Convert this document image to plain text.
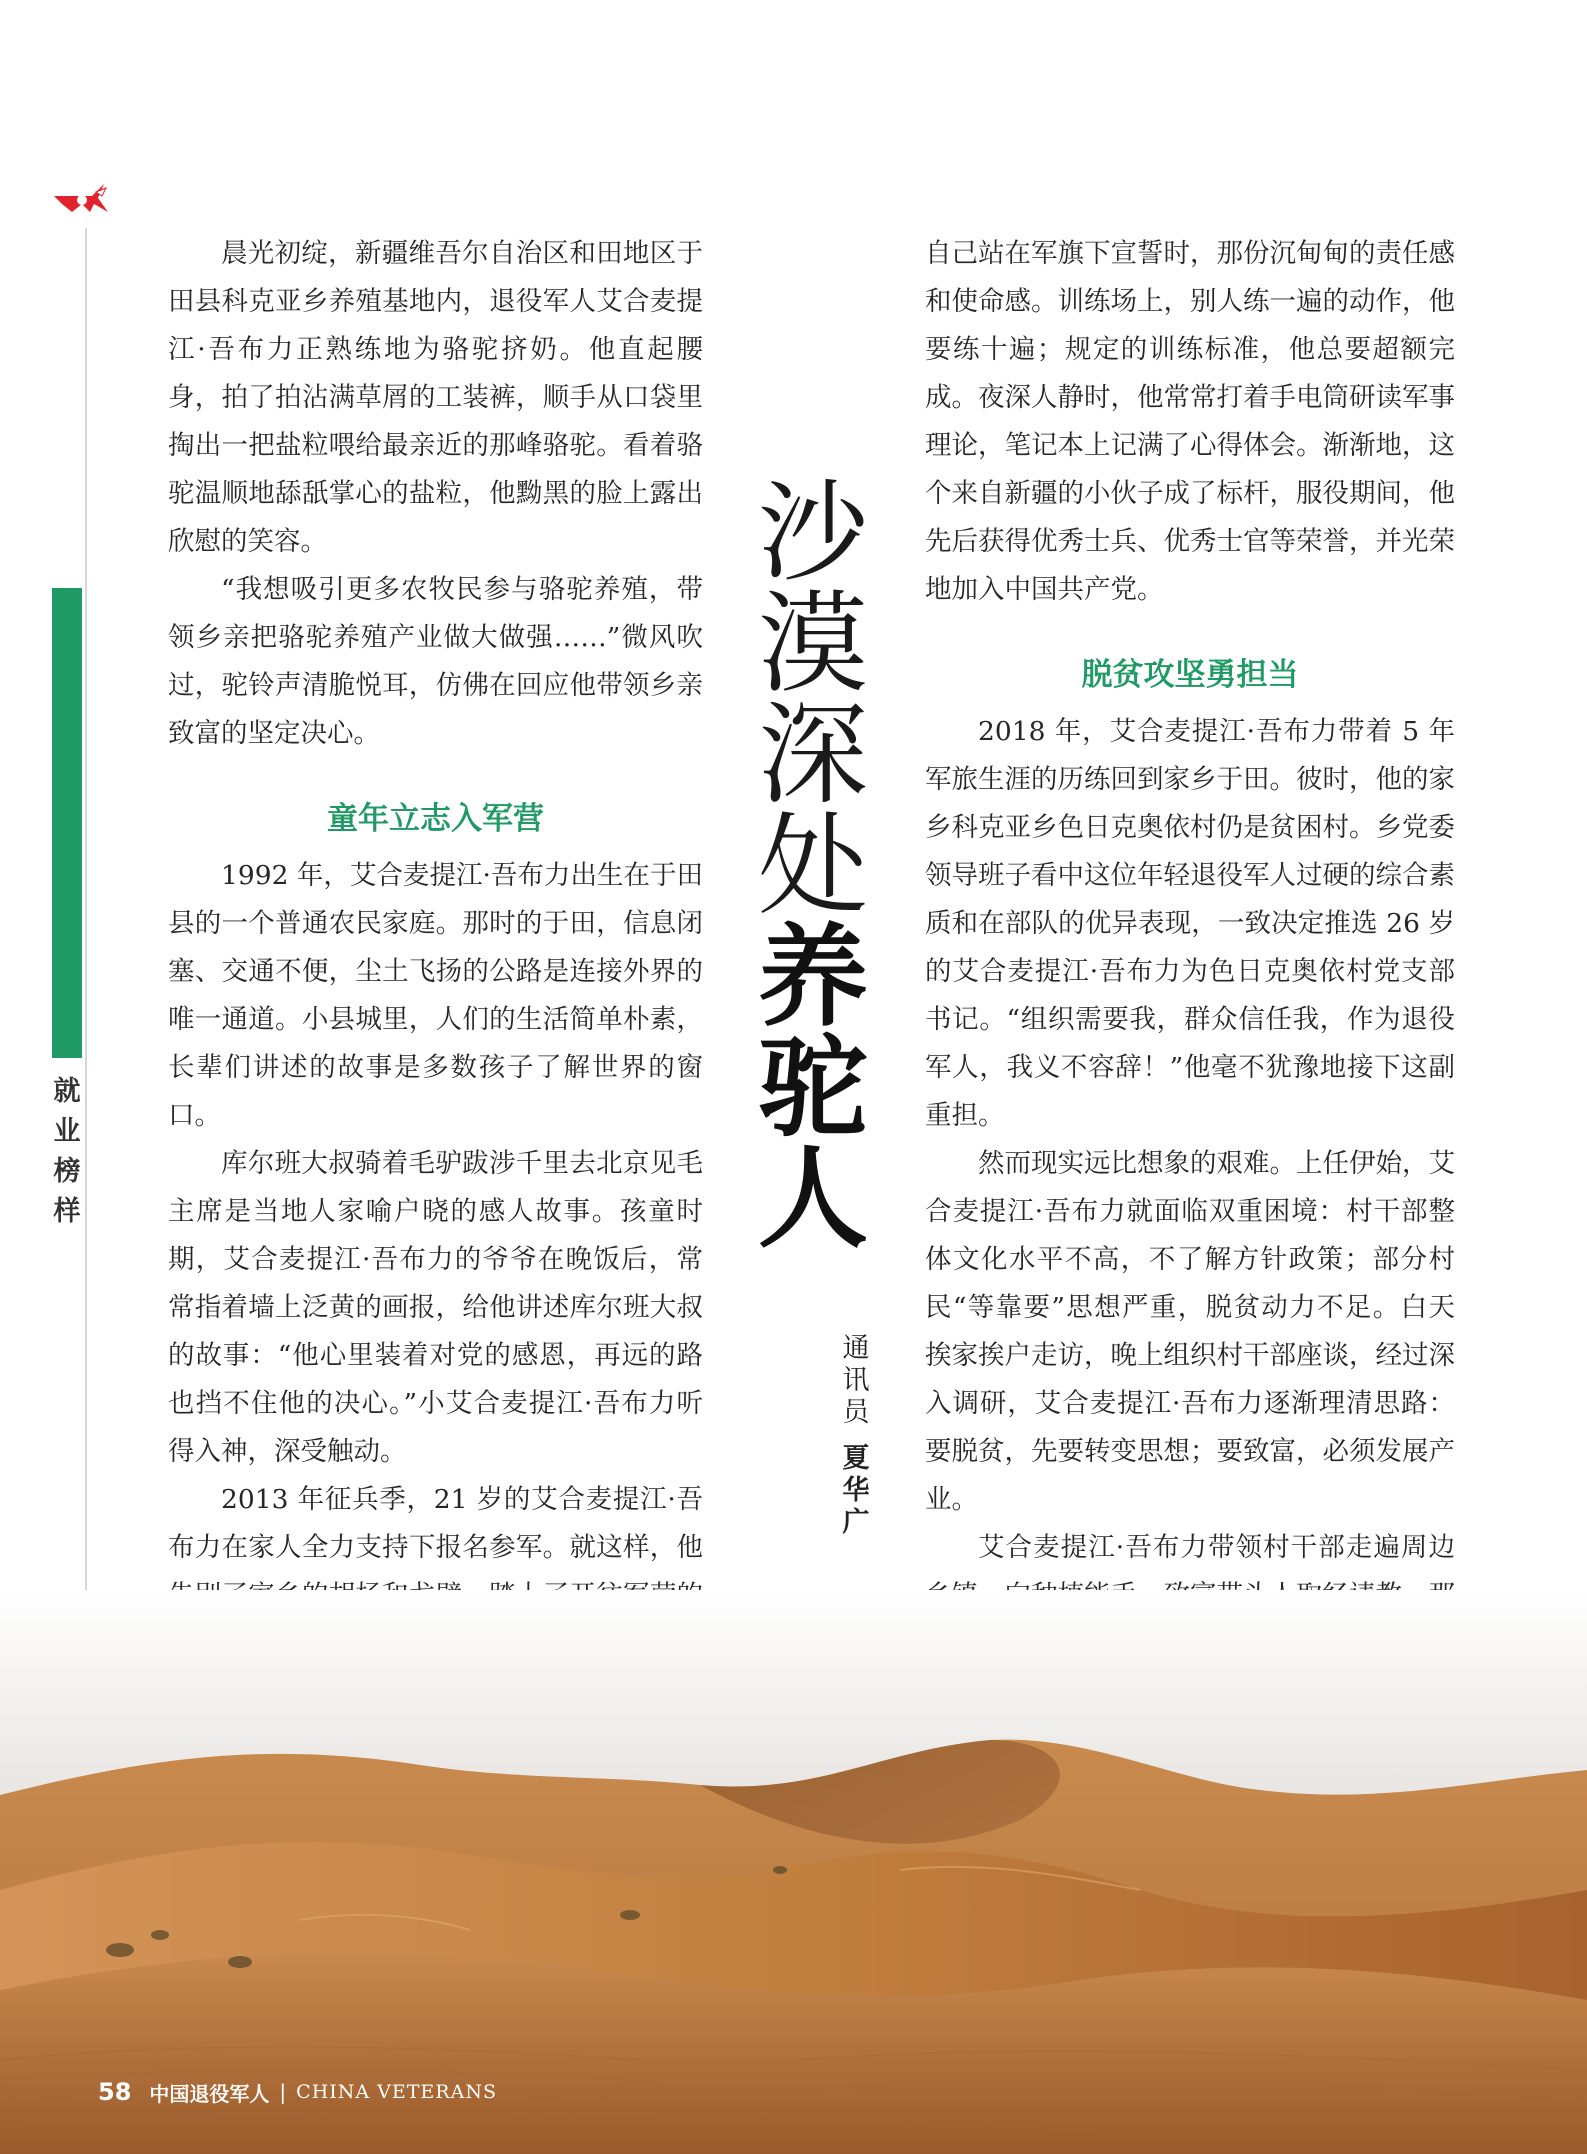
就
业
榜
样

晨光初绽，新疆维吾尔自治区和田地区于田县科克亚乡养殖基地内，退役军人艾合麦提江·吾布力正熟练地为骆驼挤奶。他直起腰身，拍了拍沾满草屑的工装裤，顺手从口袋里掏出一把盐粒喂给最亲近的那峰骆驼。看着骆驼温顺地舔舐掌心的盐粒，他黝黑的脸上露出欣慰的笑容。

“我想吸引更多农牧民参与骆驼养殖，带领乡亲把骆驼养殖产业做大做强……”微风吹过，驼铃声清脆悦耳，仿佛在回应他带领乡亲致富的坚定决心。

童年立志入军营

1992 年，艾合麦提江·吾布力出生在于田县的一个普通农民家庭。那时的于田，信息闭塞、交通不便，尘土飞扬的公路是连接外界的唯一通道。小县城里，人们的生活简单朴素，长辈们讲述的故事是多数孩子了解世界的窗口。

库尔班大叔骑着毛驴跋涉千里去北京见毛主席是当地人家喻户晓的感人故事。孩童时期，艾合麦提江·吾布力的爷爷在晚饭后，常常指着墙上泛黄的画报，给他讲述库尔班大叔的故事：“他心里装着对党的感恩，再远的路也挡不住他的决心。”小艾合麦提江·吾布力听得入神，深受触动。

2013 年征兵季，21 岁的艾合麦提江·吾布力在家人全力支持下报名参军。就这样，他

沙
漠
深
处
养
驼
人
通
讯
员
夏
华
广

自己站在军旗下宣誓时，那份沉甸甸的责任感和使命感。训练场上，别人练一遍的动作，他要练十遍；规定的训练标准，他总要超额完成。夜深人静时，他常常打着手电筒研读军事理论，笔记本上记满了心得体会。渐渐地，这个来自新疆的小伙子成了标杆，服役期间，他先后获得优秀士兵、优秀士官等荣誉，并光荣地加入中国共产党。

脱贫攻坚勇担当

2018 年，艾合麦提江·吾布力带着 5 年军旅生涯的历练回到家乡于田。彼时，他的家乡科克亚乡色日克奥依村仍是贫困村。乡党委领导班子看中这位年轻退役军人过硬的综合素质和在部队的优异表现，一致决定推选 26 岁的艾合麦提江·吾布力为色日克奥依村党支部书记。“组织需要我，群众信任我，作为退役军人，我义不容辞！”他毫不犹豫地接下这副重担。

然而现实远比想象的艰难。上任伊始，艾合麦提江·吾布力就面临双重困境：村干部整体文化水平不高，不了解方针政策；部分村民“等靠要”思想严重，脱贫动力不足。白天挨家挨户走访，晚上组织村干部座谈，经过深入调研，艾合麦提江·吾布力逐渐理清思路：要脱贫，先要转变思想；要致富，必须发展产业。

艾合麦提江·吾布力带领村干部走遍周边

58 中国退役军人 | CHINA VETERANS
